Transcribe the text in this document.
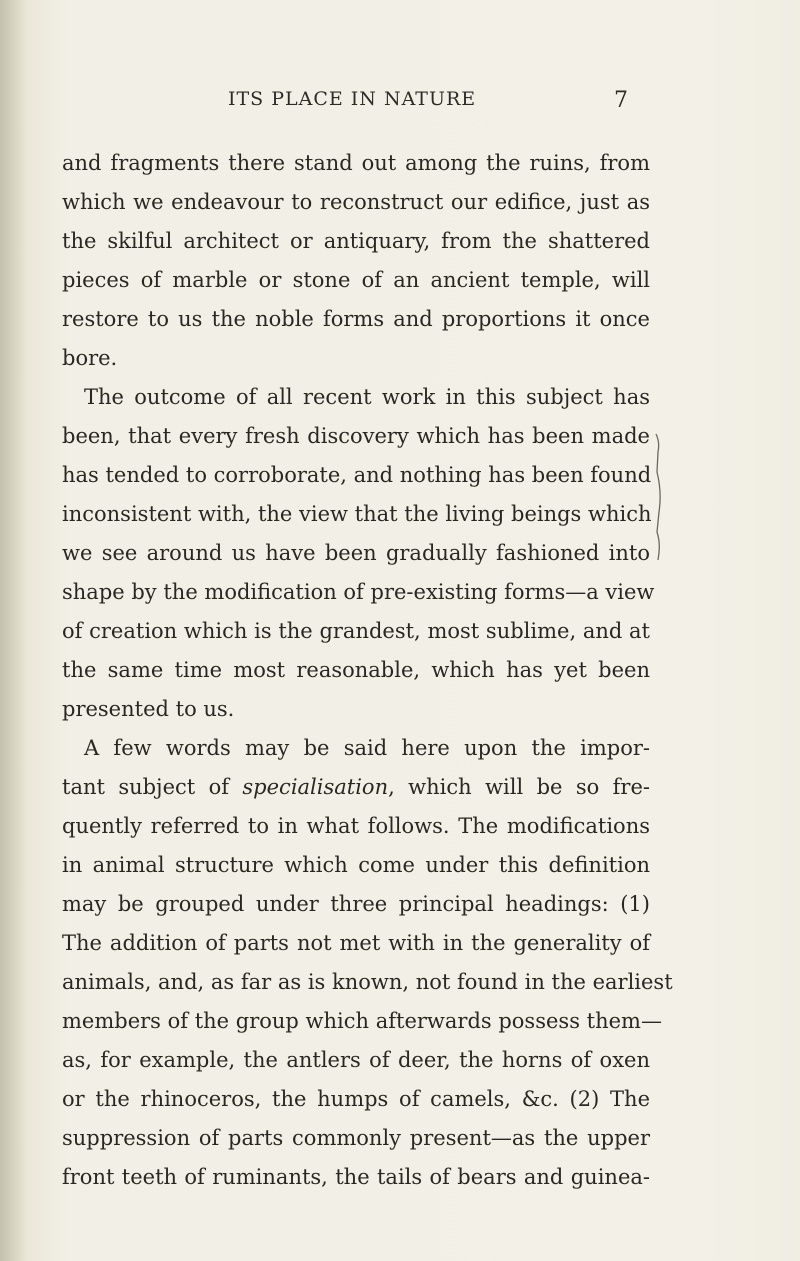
ITS PLACE IN NATURE	7
and fragments there stand out among the ruins, from
which we endeavour to reconstruct our edifice, just as
the skilful architect or antiquary, from the shattered
pieces of marble or stone of an ancient temple, will
restore to us the noble forms and proportions it once
bore.
The outcome of all recent work in this subject has
been, that every fresh discovery which has been made
has tended to corroborate, and nothing has been found
inconsistent with, the view that the living beings which
we see around us have been gradually fashioned into
shape by the modification of pre-existing forms—a view
of creation which is the grandest, most sublime, and at
the same time most reasonable, which has yet been
presented to us.
A few words may be said here upon the impor-
tant subject of specialisation, which will be so fre-
quently referred to in what follows. The modifications
in animal structure which come under this definition
may be grouped under three principal headings: (1)
The addition of parts not met with in the generality of
animals, and, as far as is known, not found in the earliest
members of the group which afterwards possess them—
as, for example, the antlers of deer, the horns of oxen
or the rhinoceros, the humps of camels, &c. (2) The
suppression of parts commonly present—as the upper
front teeth of ruminants, the tails of bears and guinea-
